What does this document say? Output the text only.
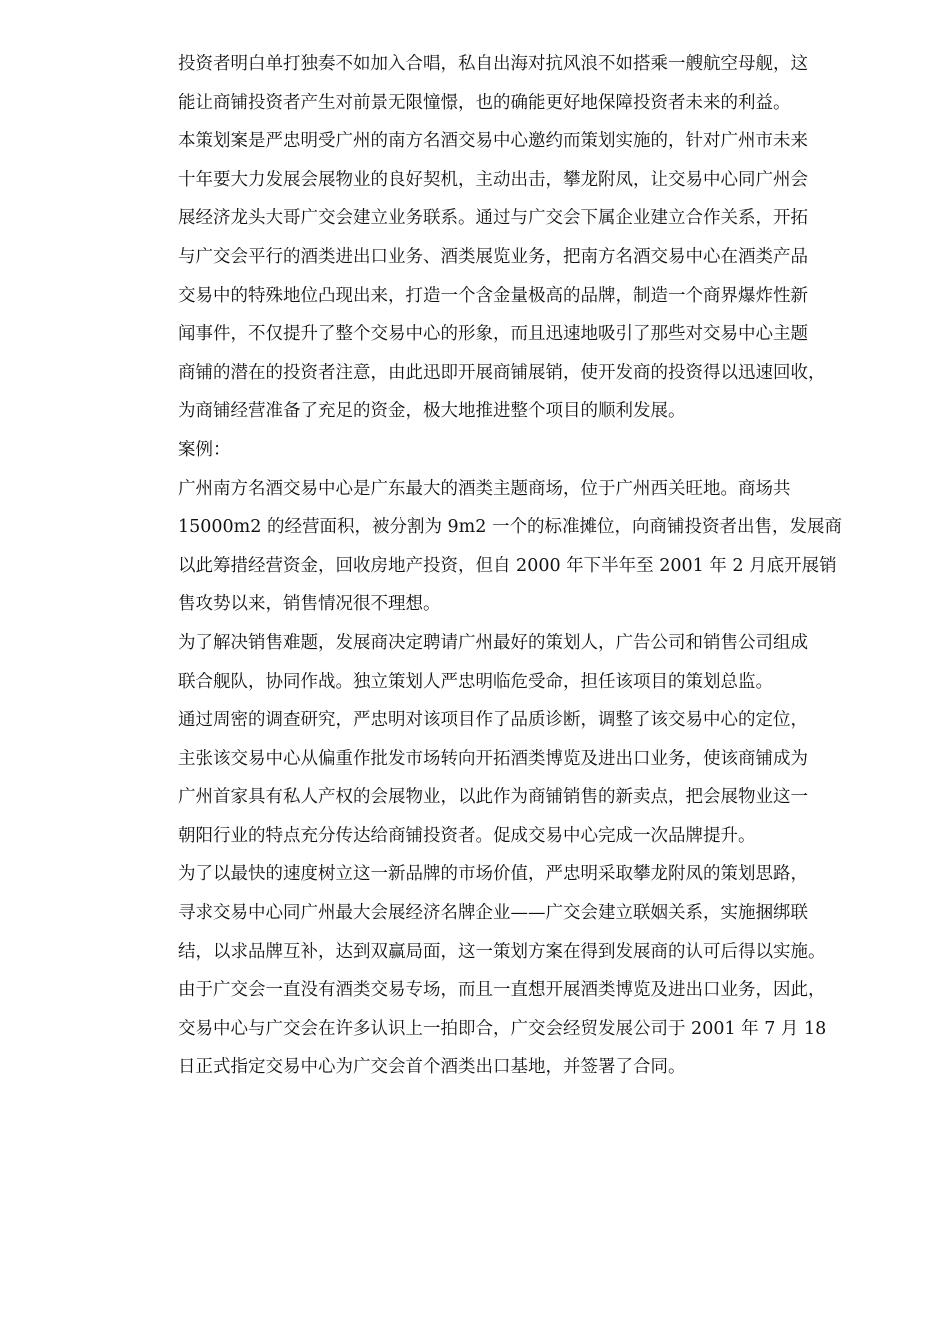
投资者明白单打独奏不如加入合唱，私自出海对抗风浪不如搭乘一艘航空母舰，这
能让商铺投资者产生对前景无限憧憬，也的确能更好地保障投资者未来的利益。
本策划案是严忠明受广州的南方名酒交易中心邀约而策划实施的，针对广州市未来
十年要大力发展会展物业的良好契机，主动出击，攀龙附凤，让交易中心同广州会
展经济龙头大哥广交会建立业务联系。通过与广交会下属企业建立合作关系，开拓
与广交会平行的酒类进出口业务、酒类展览业务，把南方名酒交易中心在酒类产品
交易中的特殊地位凸现出来，打造一个含金量极高的品牌，制造一个商界爆炸性新
闻事件，不仅提升了整个交易中心的形象，而且迅速地吸引了那些对交易中心主题
商铺的潜在的投资者注意，由此迅即开展商铺展销，使开发商的投资得以迅速回收，
为商铺经营准备了充足的资金，极大地推进整个项目的顺利发展。
案例：
广州南方名酒交易中心是广东最大的酒类主题商场，位于广州西关旺地。商场共
15000m2 的经营面积，被分割为 9m2 一个的标准摊位，向商铺投资者出售，发展商
以此筹措经营资金，回收房地产投资，但自 2000 年下半年至 2001 年 2 月底开展销
售攻势以来，销售情况很不理想。
为了解决销售难题，发展商决定聘请广州最好的策划人，广告公司和销售公司组成
联合舰队，协同作战。独立策划人严忠明临危受命，担任该项目的策划总监。
通过周密的调查研究，严忠明对该项目作了品质诊断，调整了该交易中心的定位，
主张该交易中心从偏重作批发市场转向开拓酒类博览及进出口业务，使该商铺成为
广州首家具有私人产权的会展物业，以此作为商铺销售的新卖点，把会展物业这一
朝阳行业的特点充分传达给商铺投资者。促成交易中心完成一次品牌提升。
为了以最快的速度树立这一新品牌的市场价值，严忠明采取攀龙附凤的策划思路，
寻求交易中心同广州最大会展经济名牌企业——广交会建立联姻关系，实施捆绑联
结，以求品牌互补，达到双赢局面，这一策划方案在得到发展商的认可后得以实施。
由于广交会一直没有酒类交易专场，而且一直想开展酒类博览及进出口业务，因此，
交易中心与广交会在许多认识上一拍即合，广交会经贸发展公司于 2001 年 7 月 18
日正式指定交易中心为广交会首个酒类出口基地，并签署了合同。
